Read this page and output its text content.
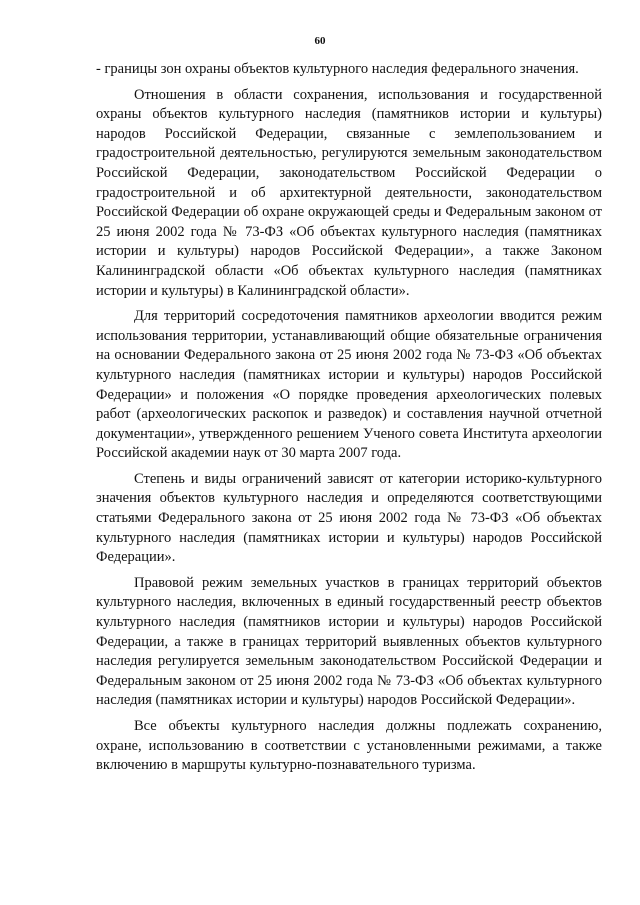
60

- границы зон охраны объектов культурного наследия федерального значения.

Отношения в области сохранения, использования и государственной охраны объектов культурного наследия (памятников истории и культуры) народов Российской Федерации, связанные с землепользованием и градостроительной деятельностью, регулируются земельным законодательством Российской Федерации, законодательством Российской Федерации о градостроительной и об архитектурной деятельности, законодательством Российской Федерации об охране окружающей среды и Федеральным законом от 25 июня 2002 года № 73-ФЗ «Об объектах культурного наследия (памятниках истории и культуры) народов Российской Федерации», а также Законом Калининградской области «Об объектах культурного наследия (памятниках истории и культуры) в Калининградской области».

Для территорий сосредоточения памятников археологии вводится режим использования территории, устанавливающий общие обязательные ограничения на основании Федерального закона от 25 июня 2002 года № 73-ФЗ «Об объектах культурного наследия (памятниках истории и культуры) народов Российской Федерации» и положения «О порядке проведения археологических полевых работ (археологических раскопок и разведок) и составления научной отчетной документации», утвержденного решением Ученого совета Института археологии Российской академии наук от 30 марта 2007 года.

Степень и виды ограничений зависят от категории историко-культурного значения объектов культурного наследия и определяются соответствующими статьями Федерального закона от 25 июня 2002 года № 73-ФЗ «Об объектах культурного наследия (памятниках истории и культуры) народов Российской Федерации».

Правовой режим земельных участков в границах территорий объектов культурного наследия, включенных в единый государственный реестр объектов культурного наследия (памятников истории и культуры) народов Российской Федерации, а также в границах территорий выявленных объектов культурного наследия регулируется земельным законодательством Российской Федерации и Федеральным законом от 25 июня 2002 года № 73-ФЗ «Об объектах культурного наследия (памятниках истории и культуры) народов Российской Федерации».

Все объекты культурного наследия должны подлежать сохранению, охране, использованию в соответствии с установленными режимами, а также включению в маршруты культурно-познавательного туризма.
